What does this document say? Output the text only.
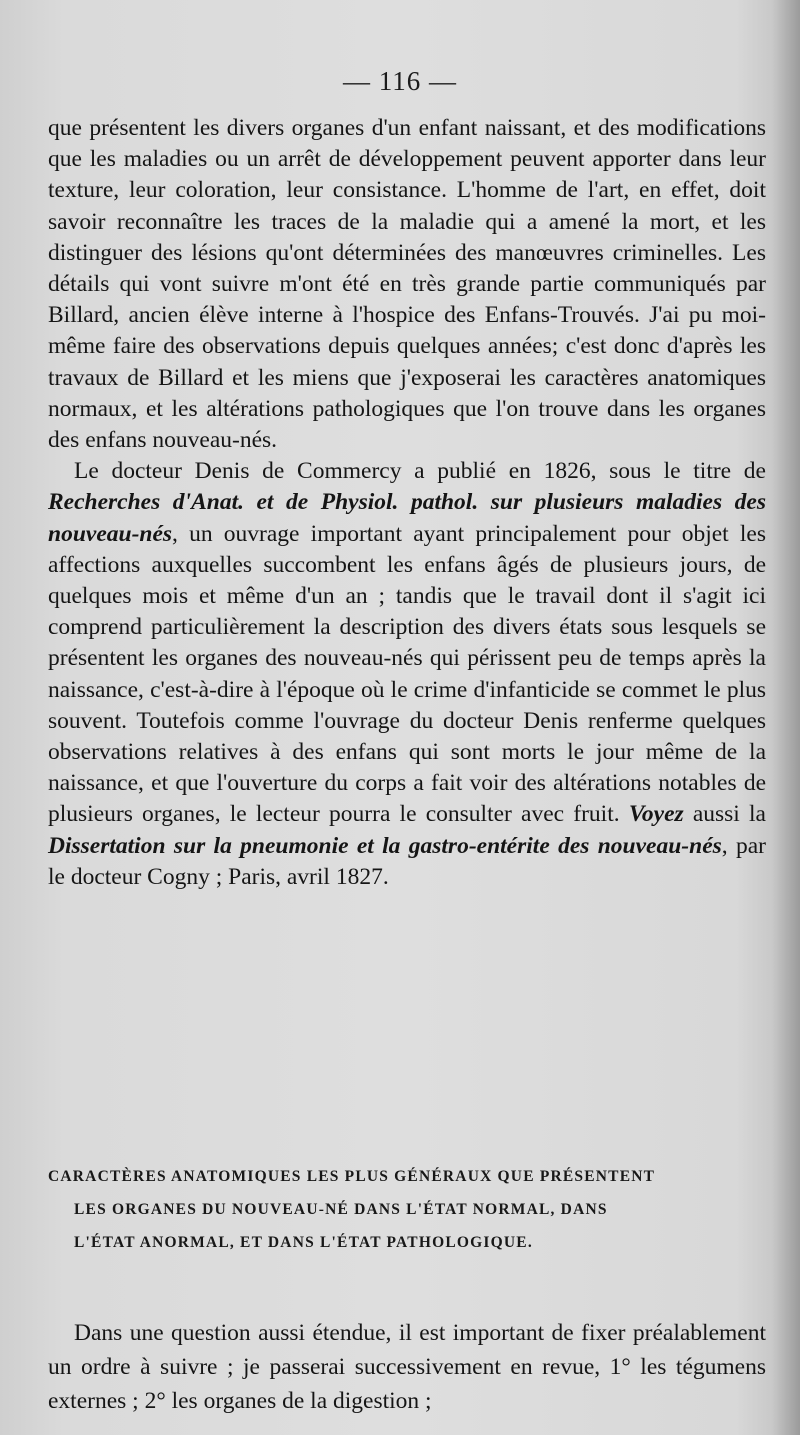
— 116 —

que présentent les divers organes d'un enfant naissant, et des modifications que les maladies ou un arrêt de développement peuvent apporter dans leur texture, leur coloration, leur consistance. L'homme de l'art, en effet, doit savoir reconnaître les traces de la maladie qui a amené la mort, et les distinguer des lésions qu'ont déterminées des manœuvres criminelles. Les détails qui vont suivre m'ont été en très grande partie communiqués par Billard, ancien élève interne à l'hospice des Enfans-Trouvés. J'ai pu moi-même faire des observations depuis quelques années; c'est donc d'après les travaux de Billard et les miens que j'exposerai les caractères anatomiques normaux, et les altérations pathologiques que l'on trouve dans les organes des enfans nouveau-nés.

Le docteur Denis de Commercy a publié en 1826, sous le titre de Recherches d'Anat. et de Physiol. pathol. sur plusieurs maladies des nouveau-nés, un ouvrage important ayant principalement pour objet les affections auxquelles succombent les enfans âgés de plusieurs jours, de quelques mois et même d'un an ; tandis que le travail dont il s'agit ici comprend particulièrement la description des divers états sous lesquels se présentent les organes des nouveau-nés qui périssent peu de temps après la naissance, c'est-à-dire à l'époque où le crime d'infanticide se commet le plus souvent. Toutefois comme l'ouvrage du docteur Denis renferme quelques observations relatives à des enfans qui sont morts le jour même de la naissance, et que l'ouverture du corps a fait voir des altérations notables de plusieurs organes, le lecteur pourra le consulter avec fruit. Voyez aussi la Dissertation sur la pneumonie et la gastro-entérite des nouveau-nés, par le docteur Cogny ; Paris, avril 1827.

CARACTÈRES ANATOMIQUES LES PLUS GÉNÉRAUX QUE PRÉSENTENT
LES ORGANES DU NOUVEAU-NÉ DANS L'ÉTAT NORMAL, DANS
L'ÉTAT ANORMAL, ET DANS L'ÉTAT PATHOLOGIQUE.

Dans une question aussi étendue, il est important de fixer préalablement un ordre à suivre ; je passerai successivement en revue, 1° les tégumens externes ; 2° les organes de la digestion ;
